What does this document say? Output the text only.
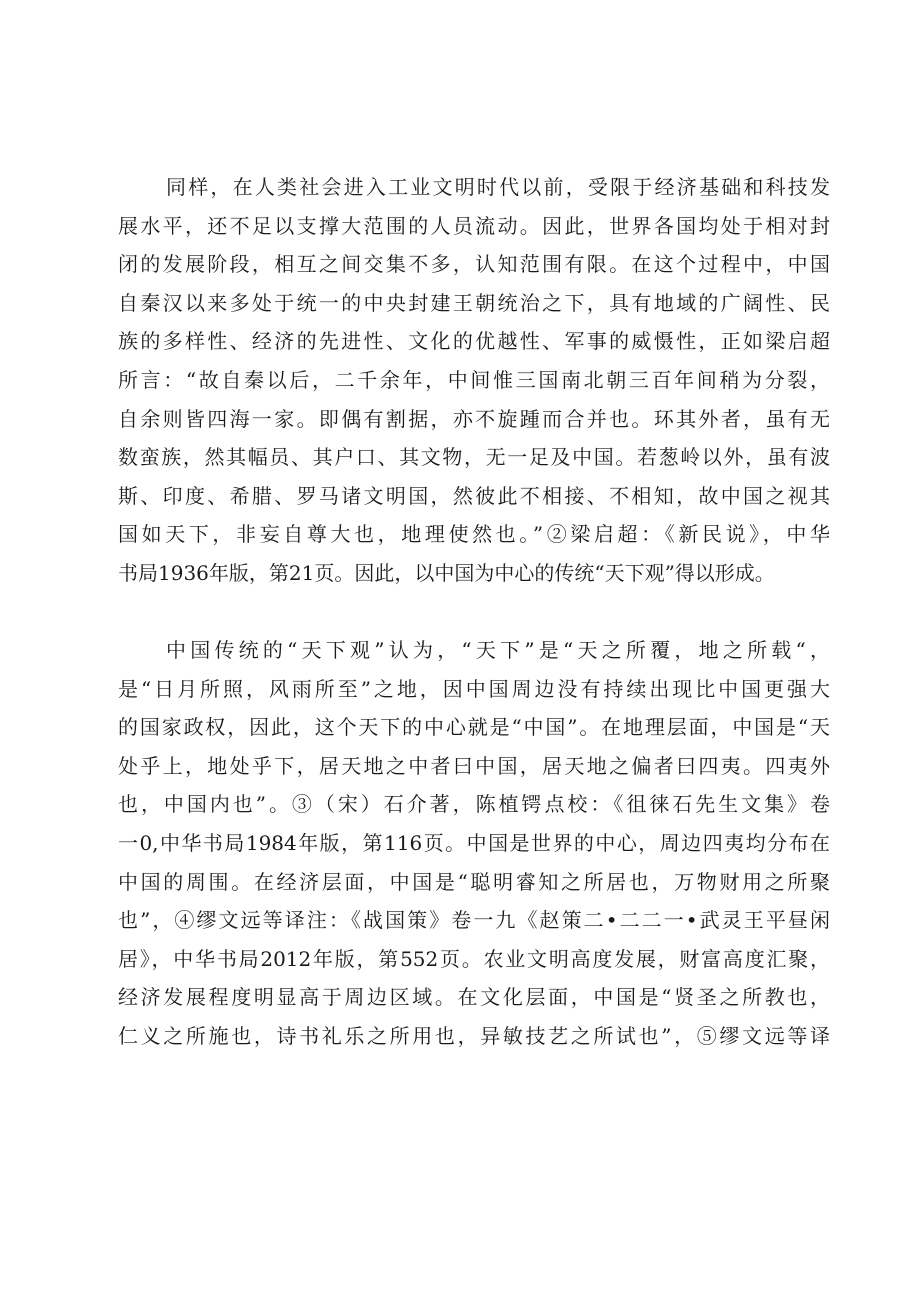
同样，在人类社会进入工业文明时代以前，受限于经济基础和科技发
展水平，还不足以支撑大范围的人员流动。因此，世界各国均处于相对封
闭的发展阶段，相互之间交集不多，认知范围有限。在这个过程中，中国
自秦汉以来多处于统一的中央封建王朝统治之下，具有地域的广阔性、民
族的多样性、经济的先进性、文化的优越性、军事的威慑性，正如梁启超
所言：“故自秦以后，二千余年，中间惟三国南北朝三百年间稍为分裂，
自余则皆四海一家。即偶有割据，亦不旋踵而合并也。环其外者，虽有无
数蛮族，然其幅员、其户口、其文物，无一足及中国。若葱岭以外，虽有波
斯、印度、希腊、罗马诸文明国，然彼此不相接、不相知，故中国之视其
国如天下，非妄自尊大也，地理使然也。”②梁启超：《新民说》，中华
书局1936年版，第21页。因此，以中国为中心的传统“天下观”得以形成。
中国传统的“天下观”认为，“天下”是“天之所覆，地之所载“，
是“日月所照，风雨所至”之地，因中国周边没有持续出现比中国更强大
的国家政权，因此，这个天下的中心就是“中国”。在地理层面，中国是“天
处乎上，地处乎下，居天地之中者曰中国，居天地之偏者曰四夷。四夷外
也，中国内也”。③（宋）石介著，陈植锷点校：《徂徕石先生文集》卷
一0,中华书局1984年版，第116页。中国是世界的中心，周边四夷均分布在
中国的周围。在经济层面，中国是“聪明睿知之所居也，万物财用之所聚
也”，④缪文远等译注：《战国策》卷一九《赵策二•二二一•武灵王平昼闲
居》，中华书局2012年版，第552页。农业文明高度发展，财富高度汇聚，
经济发展程度明显高于周边区域。在文化层面，中国是“贤圣之所教也，
仁义之所施也，诗书礼乐之所用也，异敏技艺之所试也”，⑤缪文远等译
